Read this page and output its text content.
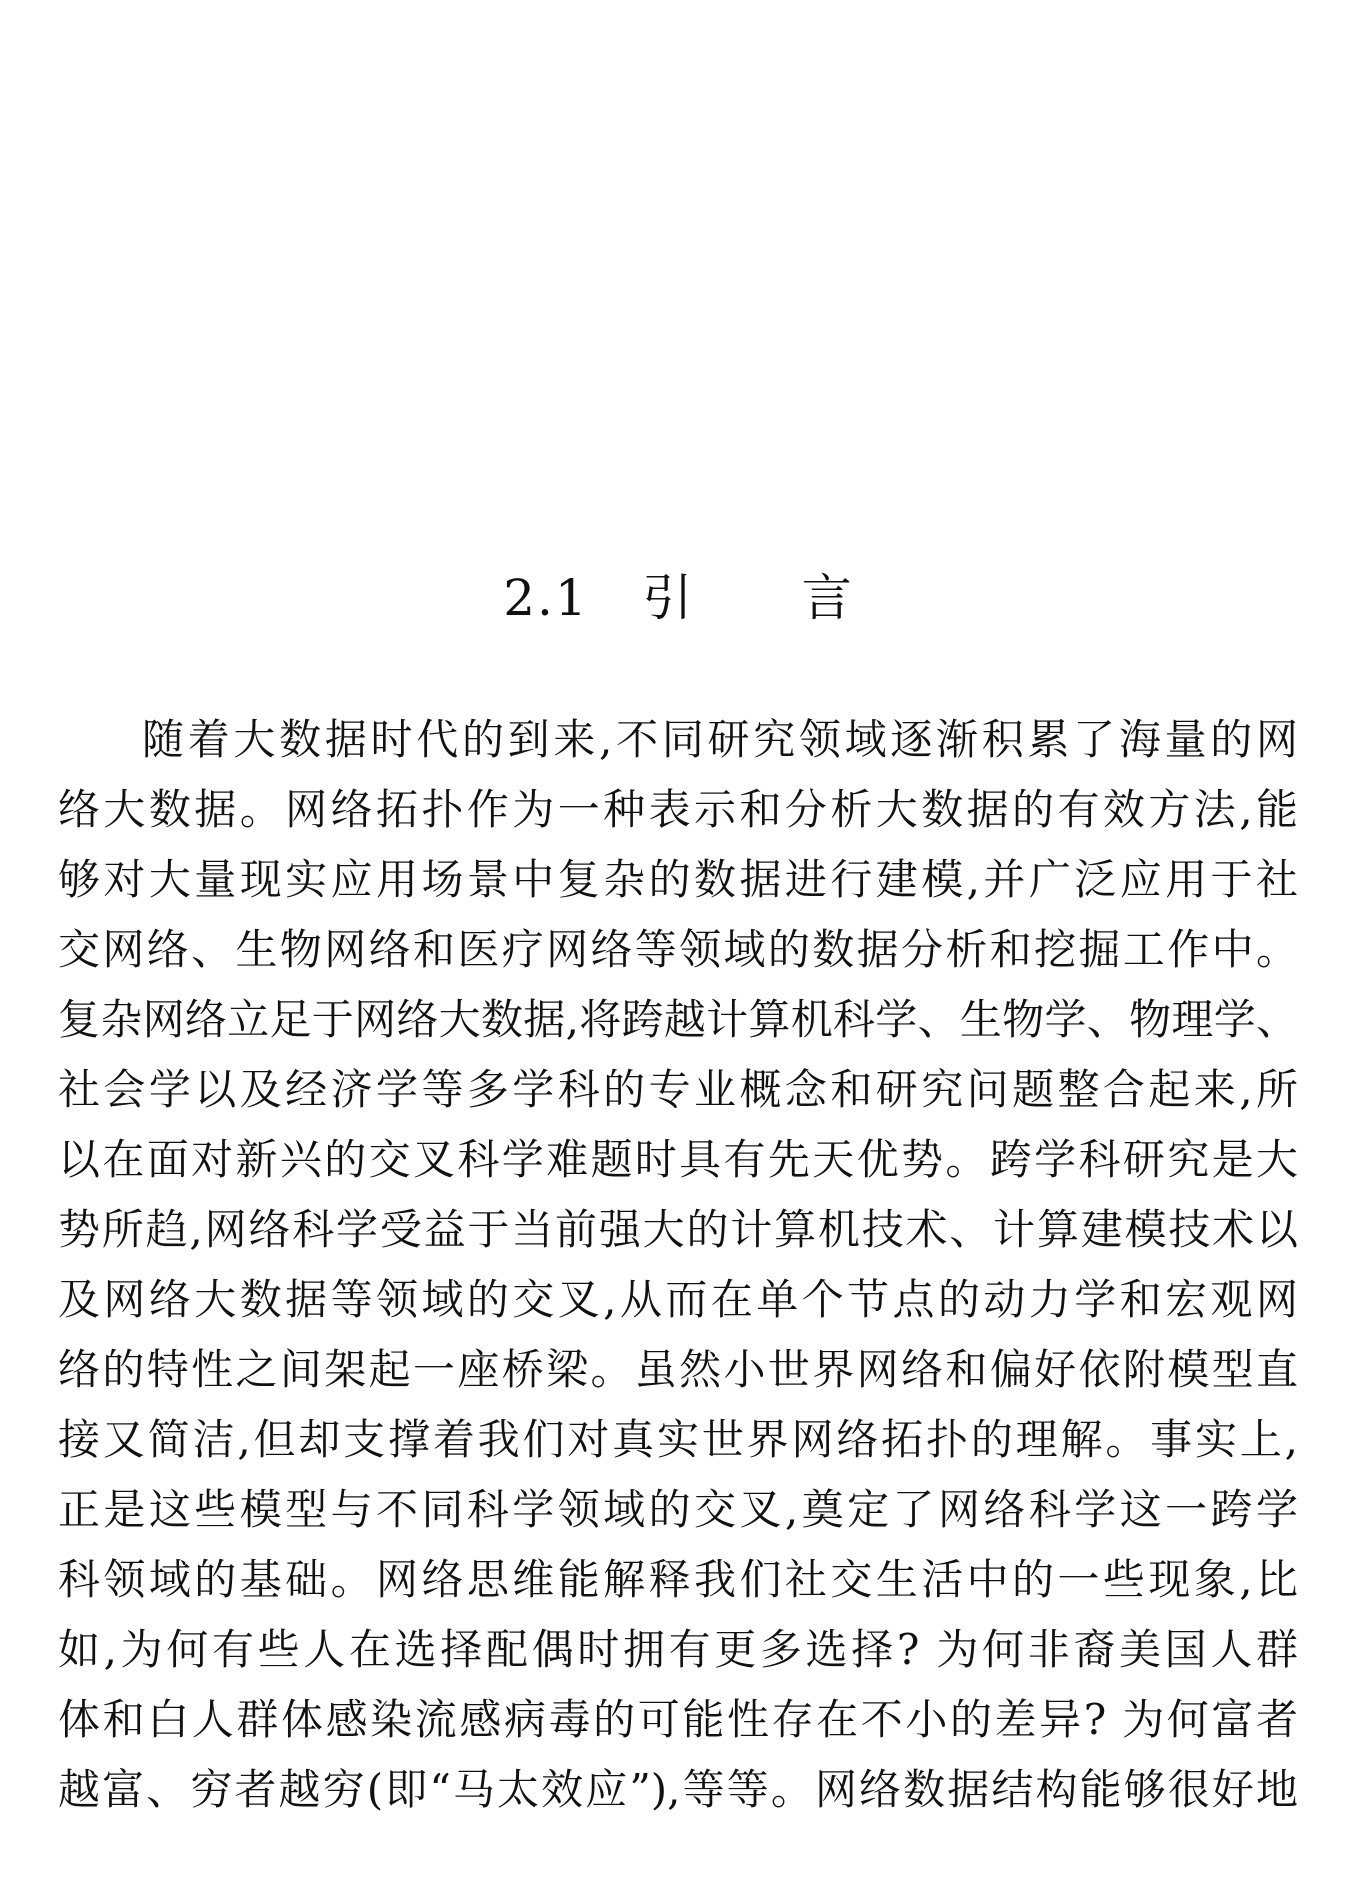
2.1   引      言
随着大数据时代的到来,不同研究领域逐渐积累了海量的网
络大数据。网络拓扑作为一种表示和分析大数据的有效方法,能
够对大量现实应用场景中复杂的数据进行建模,并广泛应用于社
交网络、生物网络和医疗网络等领域的数据分析和挖掘工作中。
复杂网络立足于网络大数据,将跨越计算机科学、生物学、物理学、
社会学以及经济学等多学科的专业概念和研究问题整合起来,所
以在面对新兴的交叉科学难题时具有先天优势。跨学科研究是大
势所趋,网络科学受益于当前强大的计算机技术、计算建模技术以
及网络大数据等领域的交叉,从而在单个节点的动力学和宏观网
络的特性之间架起一座桥梁。虽然小世界网络和偏好依附模型直
接又简洁,但却支撑着我们对真实世界网络拓扑的理解。事实上,
正是这些模型与不同科学领域的交叉,奠定了网络科学这一跨学
科领域的基础。网络思维能解释我们社交生活中的一些现象,比
如,为何有些人在选择配偶时拥有更多选择? 为何非裔美国人群
体和白人群体感染流感病毒的可能性存在不小的差异? 为何富者
越富、穷者越穷(即“马太效应”),等等。网络数据结构能够很好地
